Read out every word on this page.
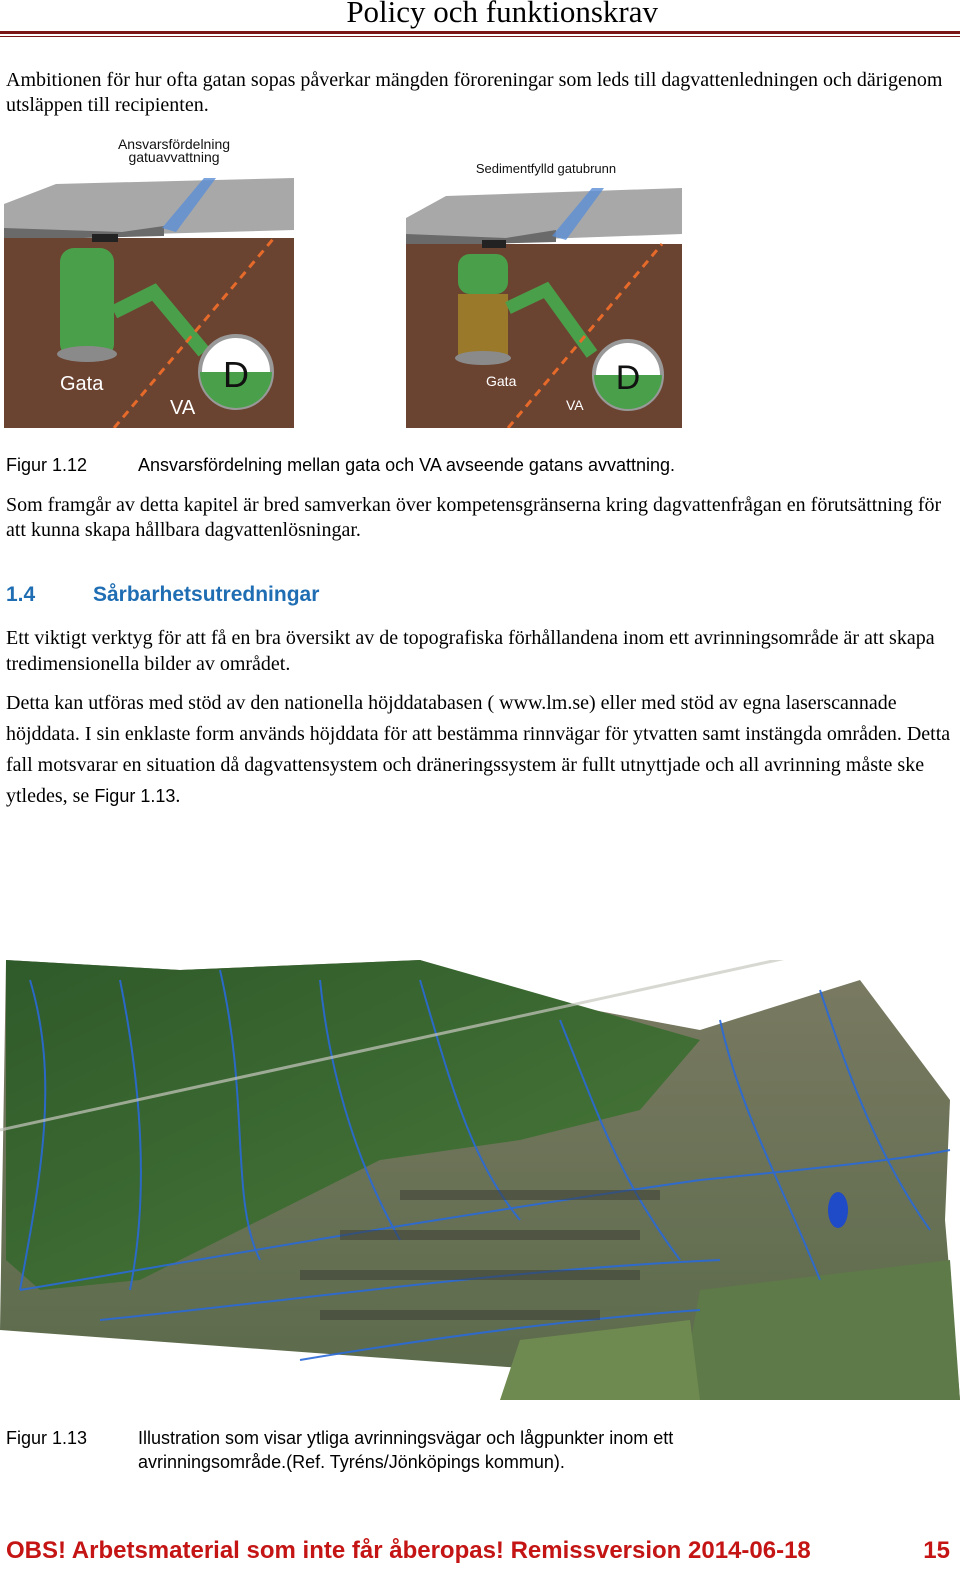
Policy och funktionskrav
Ambitionen för hur ofta gatan sopas påverkar mängden föroreningar som leds till dagvattenledningen och därigenom utsläppen till recipienten.
Ansvarsfördelning
gatuavvattning
D
Gata
VA
Sedimentfylld gatubrunn
D
Gata
VA
Figur 1.12	Ansvarsfördelning mellan gata och VA avseende gatans avvattning.
Som framgår av detta kapitel är bred samverkan över kompetensgränserna kring dagvattenfrågan en förutsättning för att kunna skapa hållbara dagvattenlösningar.
1.4	Sårbarhetsutredningar
Ett viktigt verktyg för att få en bra översikt av de topografiska förhållandena inom ett avrinningsområde är att skapa tredimensionella bilder av området.
Detta kan utföras med stöd av den nationella höjddatabasen ( www.lm.se) eller med stöd av egna laserscannade höjddata. I sin enklaste form används höjddata för att bestämma rinnvägar för ytvatten samt instängda områden. Detta fall motsvarar en situation då dagvattensystem och dräneringssystem är fullt utnyttjade och all avrinning måste ske ytledes, se Figur 1.13.
Figur 1.13	Illustration som visar ytliga avrinningsvägar och lågpunkter inom ett
avrinningsområde.(Ref. Tyréns/Jönköpings kommun).
OBS! Arbetsmaterial som inte får åberopas! Remissversion 2014-06-18	15
